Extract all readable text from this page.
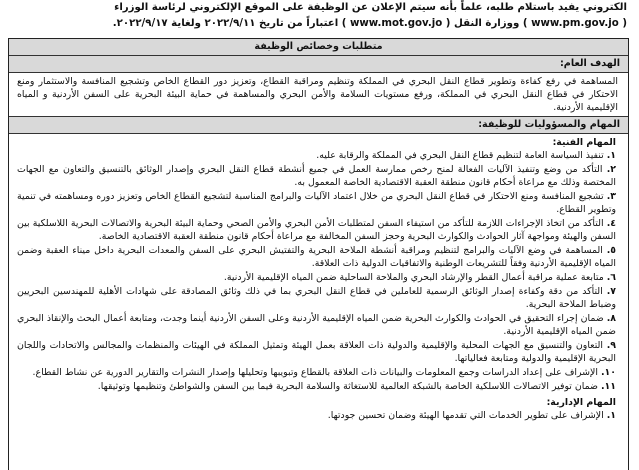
الكتروني يفيد باستلام طلبه، علماً بأنه سيتم الإعلان عن الوظيفة على الموقع الإلكتروني لرئاسة الوزراء
( www.pm.gov.jo ) ووزارة النقل ( www.mot.gov.jo ) اعتباراً من تاريخ ٢٠٢٢/٩/١١ ولغاية ٢٠٢٢/٩/١٧.
متطلبات وخصائص الوظيفة
الهدف العام:

المساهمة في رفع كفاءة وتطوير قطاع النقل البحري في المملكة وتنظيم ومراقبة القطاع، وتعزيز دور القطاع الخاص وتشجيع المنافسة والاستثمار ومنع الاحتكار في قطاع النقل البحري في المملكة، ورفع مستويات السلامة والأمن البحري والمساهمة في حماية البيئة البحرية على السفن الأردنية و المياه الإقليمية الأردنية.

المهام والمسؤوليات للوظيفة:

المهام الفنية:

١. تنفيذ السياسة العامة لتنظيم قطاع النقل البحري في المملكة والرقابة عليه.
٢. التأكد من وضع وتنفيذ الآليات الفعالة لمنح رخص ممارسة العمل في جميع أنشطة قطاع النقل البحري وإصدار الوثائق بالتنسيق والتعاون مع الجهات المختصة وذلك مع مراعاة أحكام قانون منطقة العقبة الاقتصادية الخاصة المعمول به.
٣. تشجيع المنافسة ومنع الاحتكار في قطاع النقل البحري من خلال اعتماد الآليات والبرامج المناسبة لتشجيع القطاع الخاص وتعزيز دوره ومساهمته في تنمية وتطوير القطاع.
٤. التأكد من اتخاذ الإجراءات اللازمة للتأكد من استيفاء السفن لمتطلبات الأمن البحري والأمن الصحي وحماية البيئة البحرية والاتصالات البحرية اللاسلكية بين السفن والهيئة ومواجهة آثار الحوادث والكوارث البحرية وحجز السفن المخالفة مع مراعاة أحكام قانون منطقة العقبة الاقتصادية الخاصة.
٥. المساهمة في وضع الآليات والبرامج لتنظيم ومراقبة أنشطة الملاحة البحرية والتفتيش البحري على السفن والمعدات البحرية داخل ميناء العقبة وضمن المياه الإقليمية الأردنية وفقاً للتشريعات الوطنية والاتفاقيات الدولية ذات العلاقة.
٦. متابعة عملية مراقبة أعمال القطر والإرشاد البحري والملاحة الساحلية ضمن المياه الإقليمية الأردنية.
٧. التأكد من دقة وكفاءة إصدار الوثائق الرسمية للعاملين في قطاع النقل البحري بما في ذلك وثائق المصادقة على شهادات الأهلية للمهندسين البحريين وضباط الملاحة البحرية.
٨. ضمان إجراء التحقيق في الحوادث والكوارث البحرية ضمن المياه الإقليمية الأردنية وعلى السفن الأردنية أينما وجدت، ومتابعة أعمال البحث والإنقاذ البحري ضمن المياه الإقليمية الأردنية.
٩. التعاون والتنسيق مع الجهات المحلية والإقليمية والدولية ذات العلاقة بعمل الهيئة وتمثيل المملكة في الهيئات والمنظمات والمجالس والاتحادات واللجان البحرية الإقليمية والدولية ومتابعة فعالياتها.
١٠. الإشراف على إعداد الدراسات وجمع المعلومات والبيانات ذات العلاقة بالقطاع وتبويبها وتحليلها وإصدار النشرات والتقارير الدورية عن نشاط القطاع.
١١. ضمان توفير الاتصالات اللاسلكية الخاصة بالشبكة العالمية للاستغاثة والسلامة البحرية فيما بين السفن والشواطئ وتنظيمها وتوثيقها.

المهام الإدارية:

١. الإشراف على تطوير الخدمات التي تقدمها الهيئة وضمان تحسين جودتها.
